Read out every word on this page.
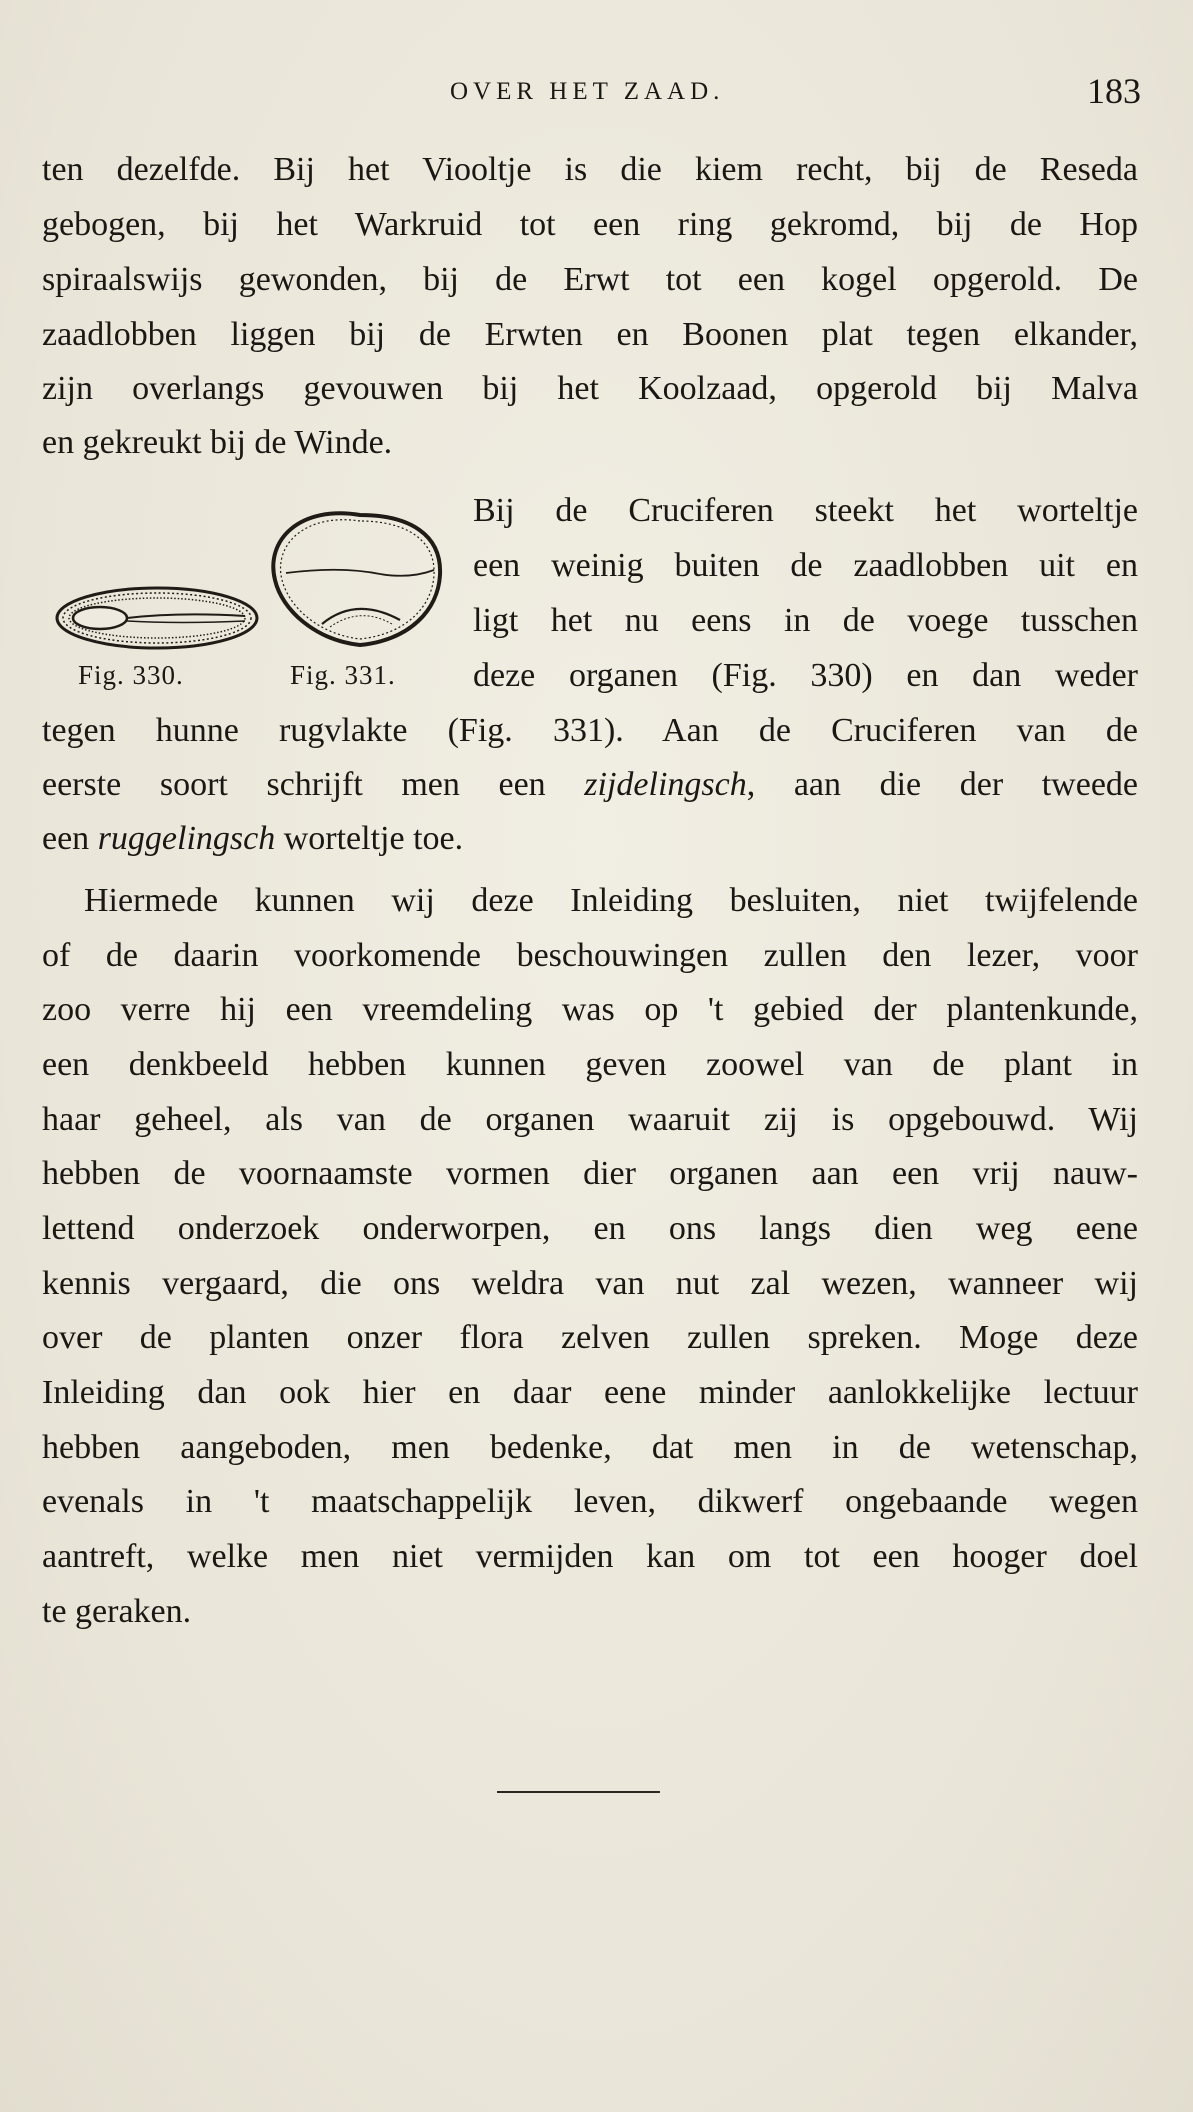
OVER HET ZAAD.	183
ten dezelfde. Bij het Viooltje is die kiem recht, bij de Reseda
gebogen, bij het Warkruid tot een ring gekromd, bij de Hop
spiraalswijs gewonden, bij de Erwt tot een kogel opgerold. De
zaadlobben liggen bij de Erwten en Boonen plat tegen elkander,
zijn overlangs gevouwen bij het Koolzaad, opgerold bij Malva
en gekreukt bij de Winde.
Fig. 330.	Fig. 331.
Bij de Cruciferen steekt het worteltje
een weinig buiten de zaadlobben uit en
ligt het nu eens in de voege tusschen
deze organen (Fig. 330) en dan weder
tegen hunne rugvlakte (Fig. 331). Aan de Cruciferen van de
eerste soort schrijft men een zijdelingsch, aan die der tweede
een ruggelingsch worteltje toe.
Hiermede kunnen wij deze Inleiding besluiten, niet twijfelende
of de daarin voorkomende beschouwingen zullen den lezer, voor
zoo verre hij een vreemdeling was op 't gebied der plantenkunde,
een denkbeeld hebben kunnen geven zoowel van de plant in
haar geheel, als van de organen waaruit zij is opgebouwd. Wij
hebben de voornaamste vormen dier organen aan een vrij nauw-
lettend onderzoek onderworpen, en ons langs dien weg eene
kennis vergaard, die ons weldra van nut zal wezen, wanneer wij
over de planten onzer flora zelven zullen spreken. Moge deze
Inleiding dan ook hier en daar eene minder aanlokkelijke lectuur
hebben aangeboden, men bedenke, dat men in de wetenschap,
evenals in 't maatschappelijk leven, dikwerf ongebaande wegen
aantreft, welke men niet vermijden kan om tot een hooger doel
te geraken.
